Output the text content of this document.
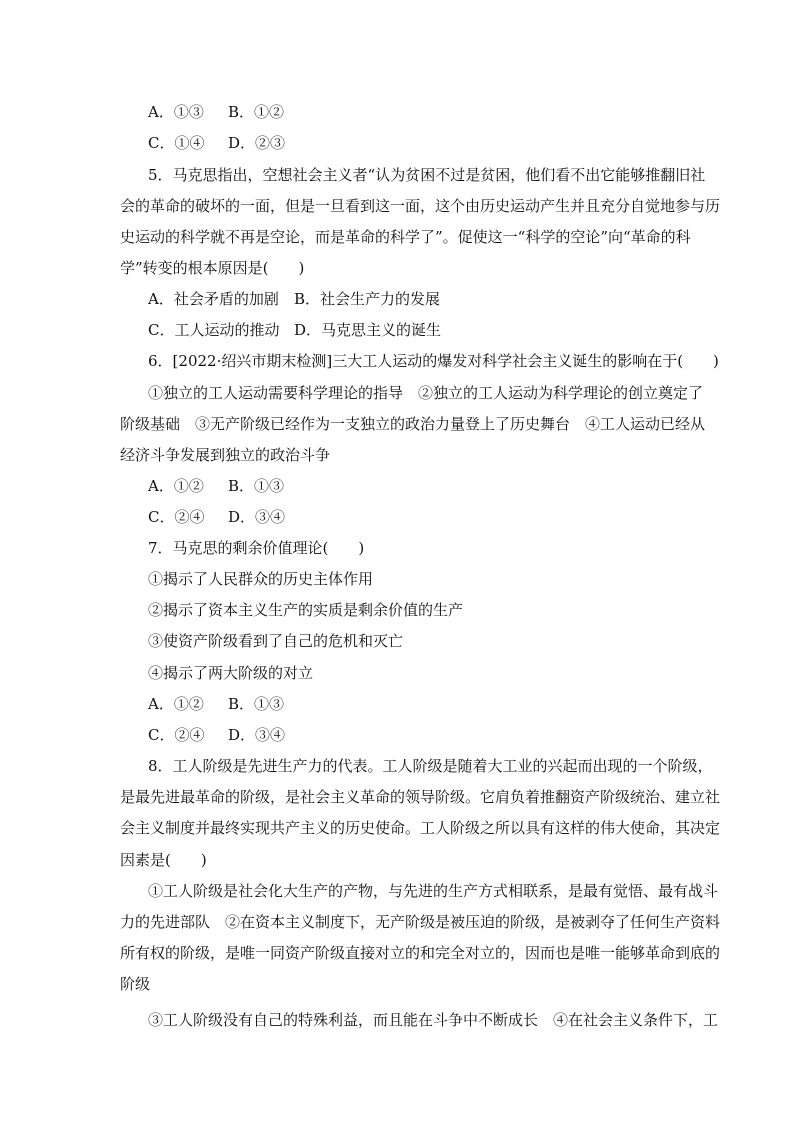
A．①③ B．①②
C．①④ D．②③
5．马克思指出，空想社会主义者“认为贫困不过是贫困，他们看不出它能够推翻旧社
会的革命的破坏的一面，但是一旦看到这一面，这个由历史运动产生并且充分自觉地参与历
史运动的科学就不再是空论，而是革命的科学了”。促使这一“科学的空论”向“革命的科
学”转变的根本原因是(　　)
A．社会矛盾的加剧 B．社会生产力的发展
C．工人运动的推动 D．马克思主义的诞生
6．[2022·绍兴市期末检测]三大工人运动的爆发对科学社会主义诞生的影响在于(　　)
①独立的工人运动需要科学理论的指导　②独立的工人运动为科学理论的创立奠定了
阶级基础　③无产阶级已经作为一支独立的政治力量登上了历史舞台　④工人运动已经从
经济斗争发展到独立的政治斗争
A．①② B．①③
C．②④ D．③④
7．马克思的剩余价值理论(　　)
①揭示了人民群众的历史主体作用
②揭示了资本主义生产的实质是剩余价值的生产
③使资产阶级看到了自己的危机和灭亡
④揭示了两大阶级的对立
A．①② B．①③
C．②④ D．③④
8．工人阶级是先进生产力的代表。工人阶级是随着大工业的兴起而出现的一个阶级，
是最先进最革命的阶级，是社会主义革命的领导阶级。它肩负着推翻资产阶级统治、建立社
会主义制度并最终实现共产主义的历史使命。工人阶级之所以具有这样的伟大使命，其决定
因素是(　　)
①工人阶级是社会化大生产的产物，与先进的生产方式相联系，是最有觉悟、最有战斗
力的先进部队　②在资本主义制度下，无产阶级是被压迫的阶级，是被剥夺了任何生产资料
所有权的阶级，是唯一同资产阶级直接对立的和完全对立的，因而也是唯一能够革命到底的
阶级
③工人阶级没有自己的特殊利益，而且能在斗争中不断成长　④在社会主义条件下，工
